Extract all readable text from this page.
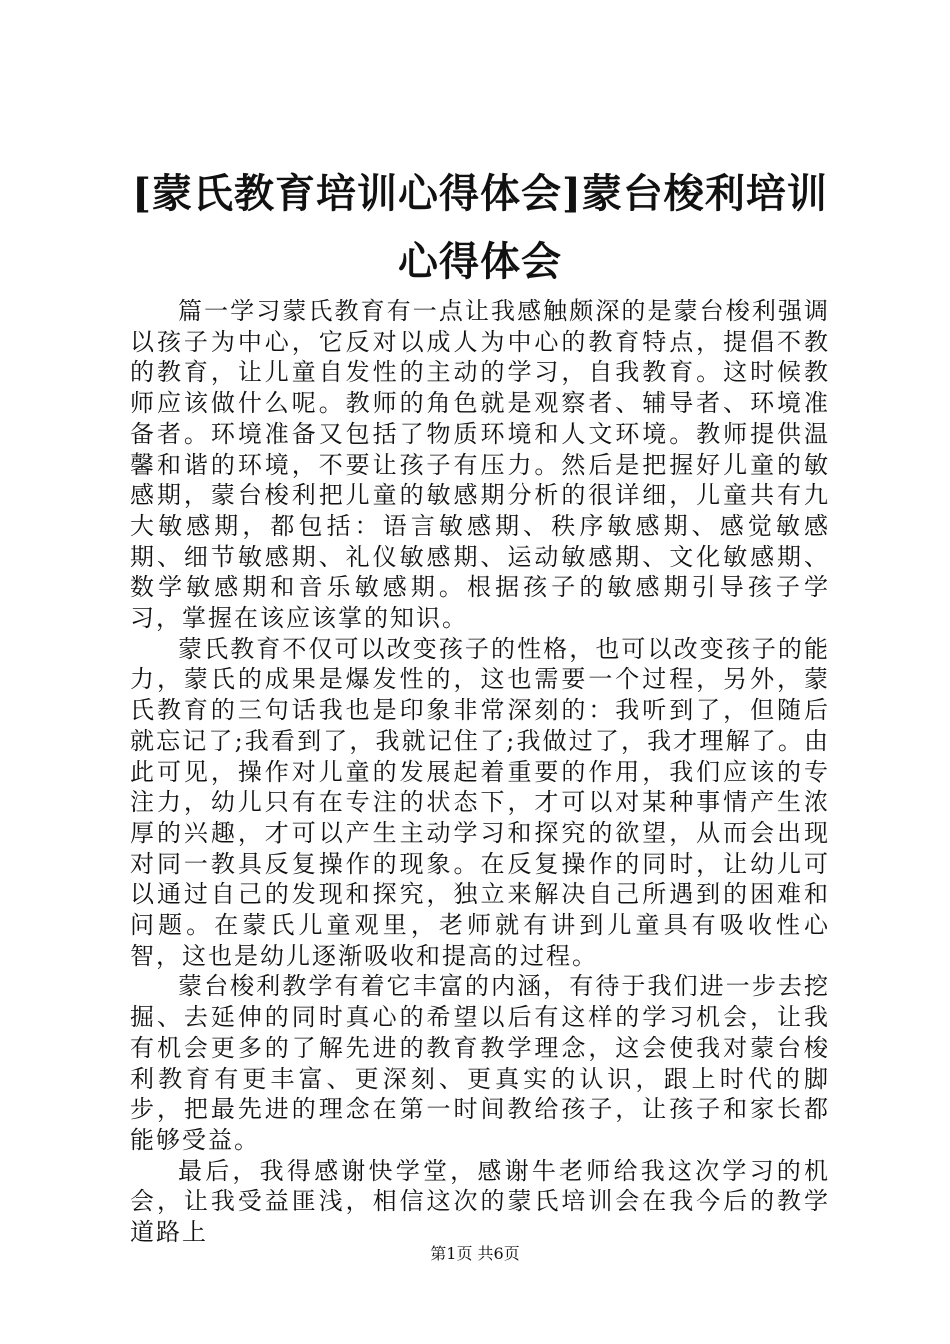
[蒙氏教育培训心得体会]蒙台梭利培训心得体会

篇一学习蒙氏教育有一点让我感触颇深的是蒙台梭利强调以孩子为中心，它反对以成人为中心的教育特点，提倡不教的教育，让儿童自发性的主动的学习，自我教育。这时候教师应该做什么呢。教师的角色就是观察者、辅导者、环境准备者。环境准备又包括了物质环境和人文环境。教师提供温馨和谐的环境，不要让孩子有压力。然后是把握好儿童的敏感期，蒙台梭利把儿童的敏感期分析的很详细，儿童共有九大敏感期，都包括：语言敏感期、秩序敏感期、感觉敏感期、细节敏感期、礼仪敏感期、运动敏感期、文化敏感期、数学敏感期和音乐敏感期。根据孩子的敏感期引导孩子学习，掌握在该应该掌的知识。

蒙氏教育不仅可以改变孩子的性格，也可以改变孩子的能力，蒙氏的成果是爆发性的，这也需要一个过程，另外，蒙氏教育的三句话我也是印象非常深刻的：我听到了，但随后就忘记了;我看到了，我就记住了;我做过了，我才理解了。由此可见，操作对儿童的发展起着重要的作用，我们应该的专注力，幼儿只有在专注的状态下，才可以对某种事情产生浓厚的兴趣，才可以产生主动学习和探究的欲望，从而会出现对同一教具反复操作的现象。在反复操作的同时，让幼儿可以通过自己的发现和探究，独立来解决自己所遇到的困难和问题。在蒙氏儿童观里，老师就有讲到儿童具有吸收性心智，这也是幼儿逐渐吸收和提高的过程。

蒙台梭利教学有着它丰富的内涵，有待于我们进一步去挖掘、去延伸的同时真心的希望以后有这样的学习机会，让我有机会更多的了解先进的教育教学理念，这会使我对蒙台梭利教育有更丰富、更深刻、更真实的认识，跟上时代的脚步，把最先进的理念在第一时间教给孩子，让孩子和家长都能够受益。

最后，我得感谢快学堂，感谢牛老师给我这次学习的机会，让我受益匪浅，相信这次的蒙氏培训会在我今后的教学道路上

第1页 共6页
